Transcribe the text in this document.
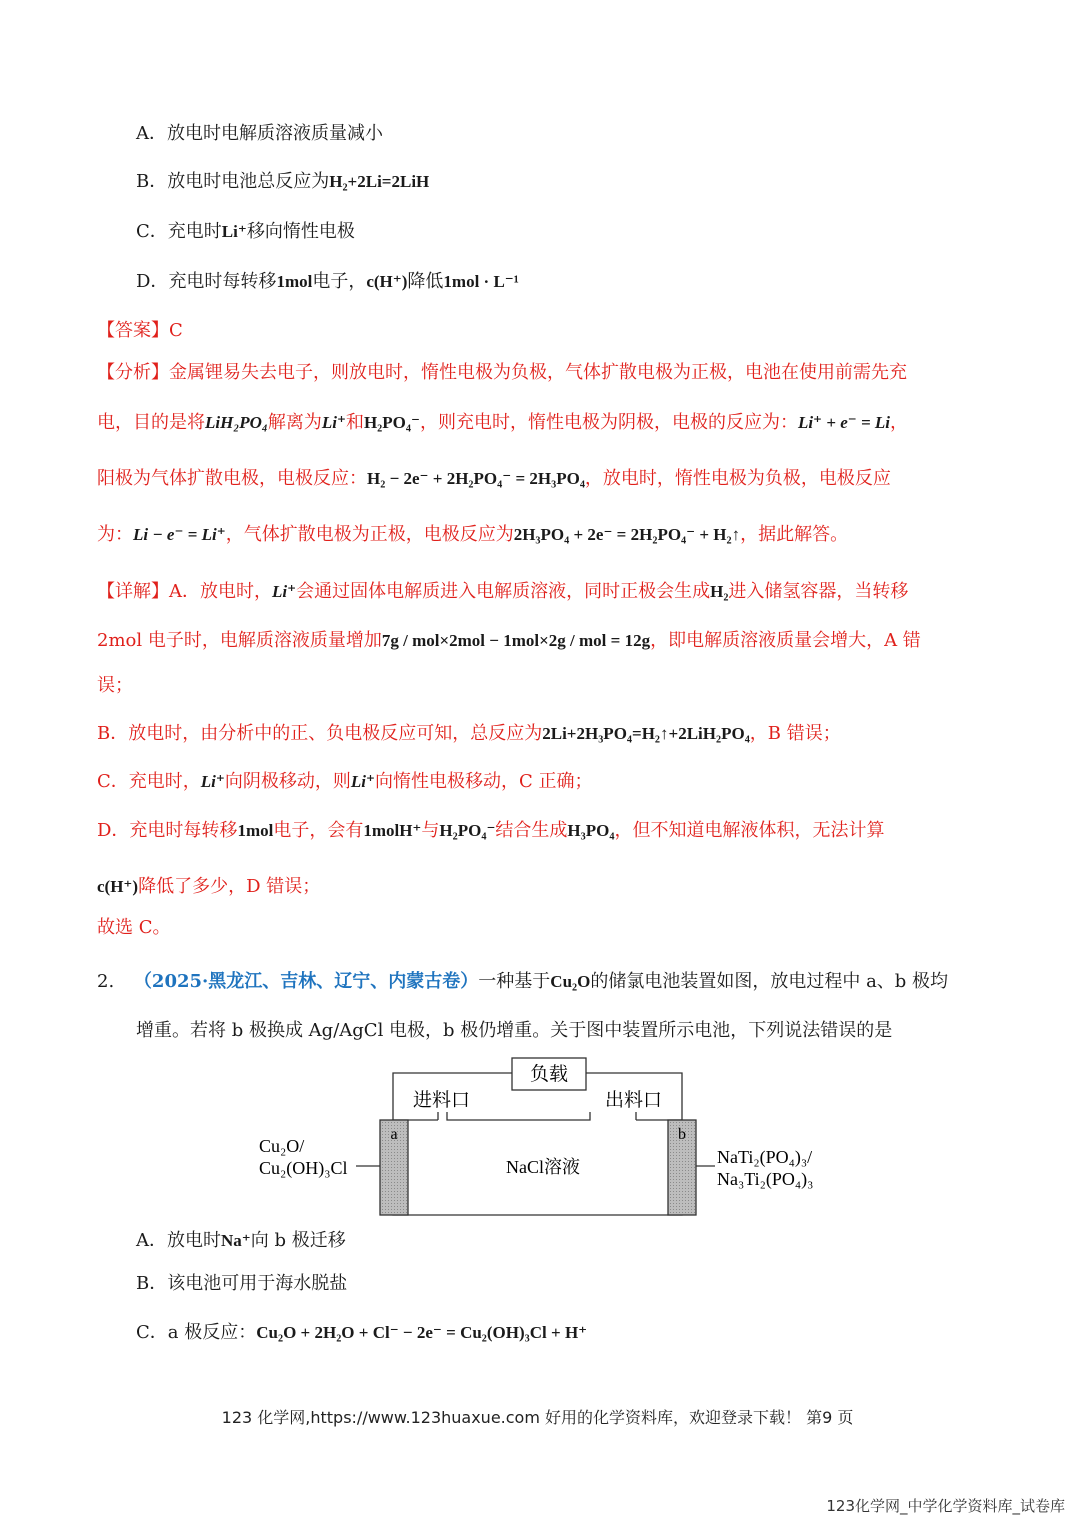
A．放电时电解质溶液质量减小
B．放电时电池总反应为H₂+2Li=2LiH
C．充电时Li⁺移向惰性电极
D．充电时每转移1mol电子，c(H⁺)降低1mol · L⁻¹
【答案】C
【分析】金属锂易失去电子，则放电时，惰性电极为负极，气体扩散电极为正极，电池在使用前需先充
电，目的是将LiH₂PO₄解离为Li⁺和H₂PO₄⁻，则充电时，惰性电极为阴极，电极的反应为：Li⁺ + e⁻ = Li，
阳极为气体扩散电极，电极反应：H₂ − 2e⁻ + 2H₂PO₄⁻ = 2H₃PO₄，放电时，惰性电极为负极，电极反应
为：Li − e⁻ = Li⁺，气体扩散电极为正极，电极反应为2H₃PO₄ + 2e⁻ = 2H₂PO₄⁻ + H₂↑，据此解答。
【详解】A．放电时，Li⁺会通过固体电解质进入电解质溶液，同时正极会生成H₂进入储氢容器，当转移
2mol 电子时，电解质溶液质量增加7g / mol×2mol − 1mol×2g / mol = 12g，即电解质溶液质量会增大，A 错
误；
B．放电时，由分析中的正、负电极反应可知，总反应为2Li+2H₃PO₄=H₂↑+2LiH₂PO₄，B 错误；
C．充电时，Li⁺向阴极移动，则Li⁺向惰性电极移动，C 正确；
D．充电时每转移1mol电子，会有1molH⁺与H₂PO₄⁻结合生成H₃PO₄，但不知道电解液体积，无法计算
c(H⁺)降低了多少，D 错误；
故选 C。
2. （2025·黑龙江、吉林、辽宁、内蒙古卷）一种基于Cu₂O的储氯电池装置如图，放电过程中 a、b 极均
增重。若将 b 极换成 Ag/AgCl 电极，b 极仍增重。关于图中装置所示电池，下列说法错误的是
负载
进料口	出料口
a	b
NaCl溶液
Cu₂O/
Cu₂(OH)₃Cl
NaTi₂(PO₄)₃/
Na₃Ti₂(PO₄)₃
A．放电时Na⁺向 b 极迁移
B．该电池可用于海水脱盐
C．a 极反应：Cu₂O + 2H₂O + Cl⁻ − 2e⁻ = Cu₂(OH)₃Cl + H⁺
123 化学网,https://www.123huaxue.com 好用的化学资料库，欢迎登录下载！ 第9 页
123化学网_中学化学资料库_试卷库
